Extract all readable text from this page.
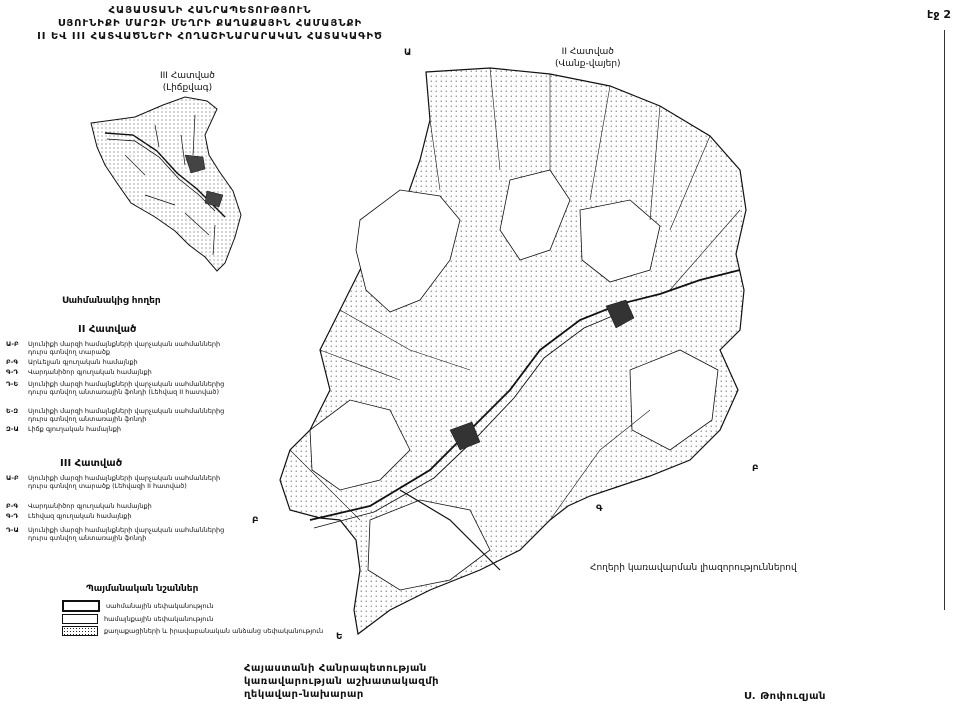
ՀԱՅԱՍՏԱՆԻ ՀԱՆՐԱՊԵՏՈՒԹՅՈՒՆ
ՍՅՈՒՆԻՔԻ ՄԱՐԶԻ ՄԵՂՐԻ ՔԱՂԱՔԱՅԻՆ ՀԱՄԱՅՆՔԻ
II ԵՎ III ՀԱՏՎԱԾՆԵՐԻ ՀՈՂԱՇԻՆԱՐԱՐԱԿԱՆ ՀԱՏԱԿԱԳԻԾ
էջ 2
III Հատված
(Լիճքվագ)
II Հատված
(Վանք-վայեր)
Ա
Բ
Բ
Գ
Ե
Հողերի կառավարման լիազորություններով
Սահմանակից հողեր
II Հատված
Ա-Բ Սյունիքի մարզի համայնքների վարչական սահմանների դուրս գտնվող տարածք
Բ-Գ Արևելյան գյուղական համայնքի
Գ-Դ Վարդանիծոր գյուղական համայնքի
Դ-Ե Սյունիքի մարզի համայնքների վարչական սահմաններից դուրս գտնվող անտառային ֆոնդի (Լեհվազ II հատված)
Ե-Զ Սյունիքի մարզի համայնքների վարչական սահմաններից դուրս գտնվող անտառային ֆոնդի
Զ-Ա Լիճք գյուղական համայնքի
III Հատված
Ա-Բ Սյունիքի մարզի համայնքների վարչական սահմանների դուրս գտնվող տարածք (Լեհվազի II հատված)
Բ-Գ Վարդանիծոր գյուղական համայնքի
Գ-Դ Լեհվազ գյուղական համայնքի
Դ-Ա Սյունիքի մարզի համայնքների վարչական սահմաններից դուրս գտնվող անտառային ֆոնդի
Պայմանական նշաններ
սահմանային սեփականություն
համայնքային սեփականություն
քաղաքացիների և իրավաբանական անձանց սեփականություն
Հայաստանի Հանրապետության
կառավարության աշխատակազմի
ղեկավար-նախարար	Ս. Թոփուզյան
